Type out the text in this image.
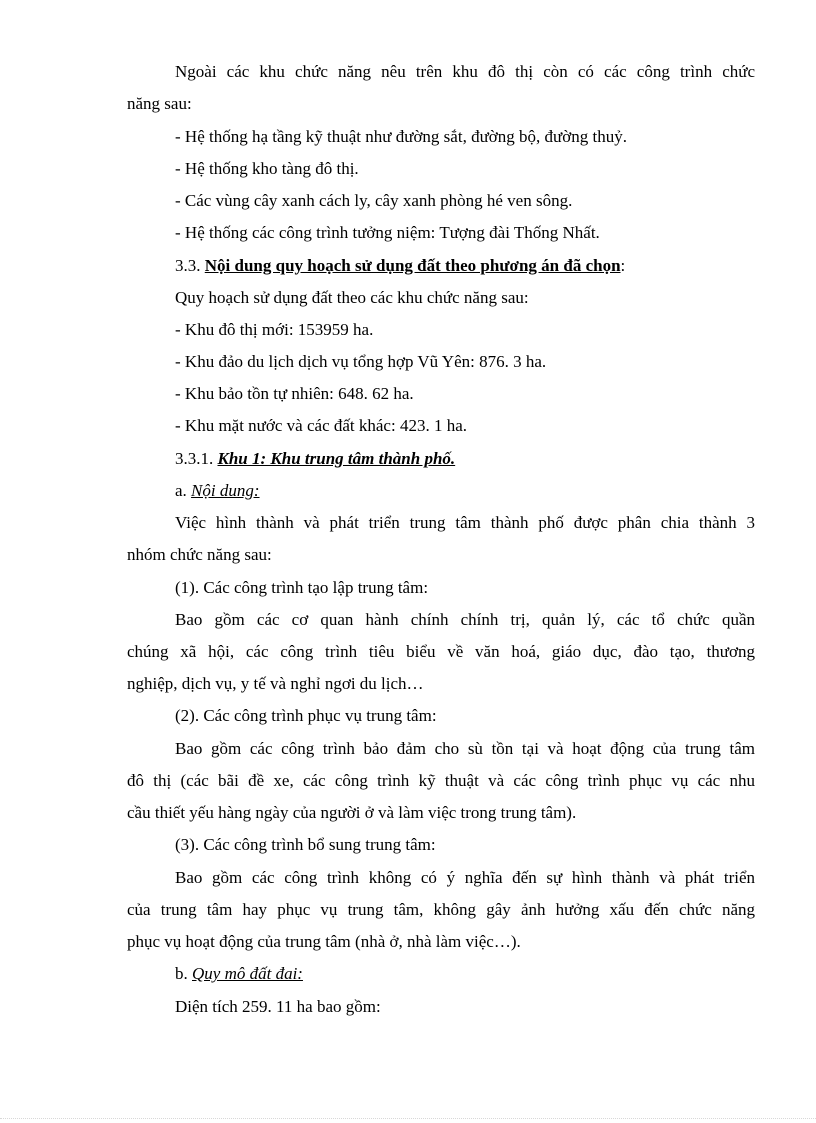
Ngoài các khu chức năng nêu trên khu đô thị còn có các công trình chức
năng sau:
- Hệ thống hạ tầng kỹ thuật như đường sắt, đường bộ, đường thuỷ.
- Hệ thống kho tàng đô thị.
- Các vùng cây xanh cách ly, cây xanh phòng hé ven sông.
- Hệ thống các công trình tưởng niệm: Tượng đài Thống Nhất.
3.3. Nội dung quy hoạch sử dụng đất theo phương án đã chọn:
Quy hoạch sử dụng đất theo các khu chức năng sau:
- Khu đô thị mới: 153959 ha.
- Khu đảo du lịch dịch vụ tổng hợp Vũ Yên: 876. 3 ha.
- Khu bảo tồn tự nhiên: 648. 62 ha.
- Khu mặt nước và các đất khác: 423. 1 ha.
3.3.1. Khu 1: Khu trung tâm thành phố.
a. Nội dung:
Việc hình thành và phát triển trung tâm thành phố được phân chia thành 3
nhóm chức năng sau:
(1). Các công trình tạo lập trung tâm:
Bao gồm các cơ quan hành chính chính trị, quản lý, các tổ chức quần
chúng xã hội, các công trình tiêu biểu về văn hoá, giáo dục, đào tạo, thương
nghiệp, dịch vụ, y tế và nghỉ ngơi du lịch…
(2). Các công trình phục vụ trung tâm:
Bao gồm các công trình bảo đảm cho sù tồn tại và hoạt động của trung tâm
đô thị (các bãi đề xe, các công trình kỹ thuật và các công trình phục vụ các nhu
cầu thiết yếu hàng ngày của người ở và làm việc trong trung tâm).
(3). Các công trình bổ sung trung tâm:
Bao gồm các công trình không có ý nghĩa đến sự hình thành và phát triển
của trung tâm hay phục vụ trung tâm, không gây ảnh hưởng xấu đến chức năng
phục vụ hoạt động của trung tâm (nhà ở, nhà làm việc…).
b. Quy mô đất đai:
Diện tích 259. 11 ha bao gồm:
